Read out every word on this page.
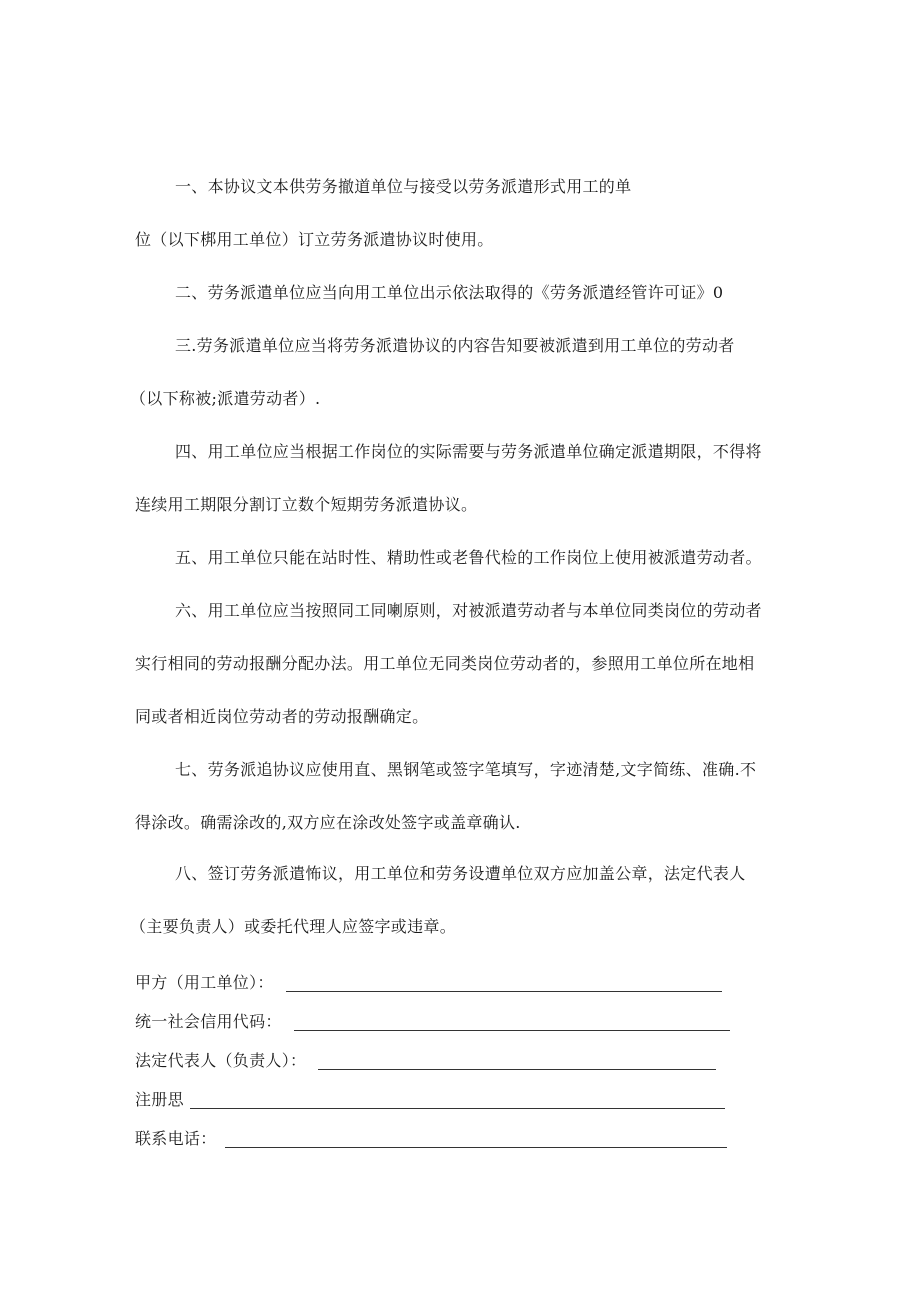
一、本协议文本供劳务撤道单位与接受以劳务派遣形式用工的单
位（以下梆用工单位）订立劳务派遣协议时使用。
二、劳务派遣单位应当向用工单位出示依法取得的《劳务派遣经管许可证》0
三.劳务派遣单位应当将劳务派遣协议的内容告知要被派遣到用工单位的劳动者
（以下称被;派遣劳动者）.
四、用工单位应当根据工作岗位的实际需要与劳务派遣单位确定派遣期限，不得将
连续用工期限分割订立数个短期劳务派遣协议。
五、用工单位只能在站时性、精助性或老鲁代检的工作岗位上使用被派遣劳动者。
六、用工单位应当按照同工同喇原则，对被派遣劳动者与本单位同类岗位的劳动者
实行相同的劳动报酬分配办法。用工单位无同类岗位劳动者的，参照用工单位所在地相
同或者相近岗位劳动者的劳动报酬确定。
七、劳务派追协议应使用直、黑钢笔或签字笔填写，字迹清楚,文字简练、准确.不
得涂改。确需涂改的,双方应在涂改处签字或盖章确认.
八、签订劳务派遣怖议，用工单位和劳务设遭单位双方应加盖公章，法定代表人
（主要负责人）或委托代理人应签字或违章。
甲方（用工单位）：
统一社会信用代码：
法定代表人（负责人）：
注册思
联系电话：
